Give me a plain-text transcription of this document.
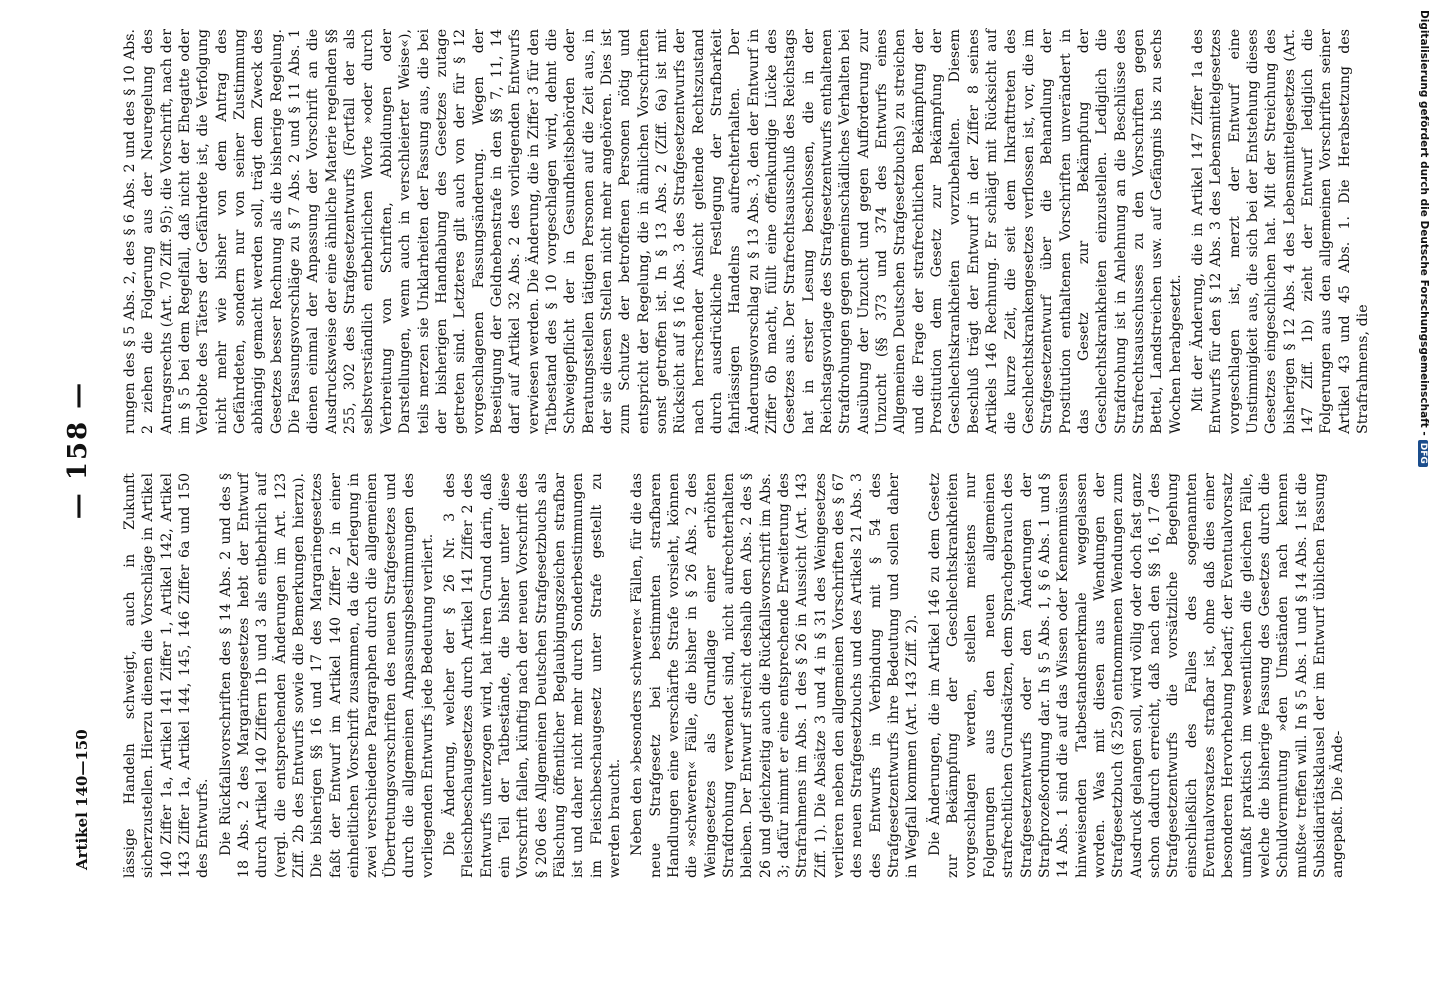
Artikel 140—150
— 158 —

lässige Handeln schweigt, auch in Zukunft sicherzustellen. Hierzu dienen die Vorschläge in Artikel 140 Ziffer 1a, Artikel 141 Ziffer 1, Artikel 142, Artikel 143 Ziffer 1a, Artikel 144, 145, 146 Ziffer 6a und 150 des Entwurfs. Die Rückfallsvorschriften des § 14 Abs. 2 und des § 18 Abs. 2 des Margarinegesetzes hebt der Entwurf durch Artikel 140 Ziffern 1b und 3 als entbehrlich auf (vergl. die entsprechenden Änderungen im Art. 123 Ziff. 2b des Entwurfs sowie die Bemerkungen hierzu). Die bisherigen §§ 16 und 17 des Margarinegesetzes faßt der Entwurf im Artikel 140 Ziffer 2 in einer einheitlichen Vorschrift zusammen, da die Zerlegung in zwei verschiedene Paragraphen durch die allgemeinen Übertretungsvorschriften des neuen Strafgesetzes und durch die allgemeinen Anpassungsbestimmungen des vorliegenden Entwurfs jede Bedeutung verliert. Die Änderung, welcher der § 26 Nr. 3 des Fleischbeschaugesetzes durch Artikel 141 Ziffer 2 des Entwurfs unterzogen wird, hat ihren Grund darin, daß ein Teil der Tatbestände, die bisher unter diese Vorschrift fallen, künftig nach der neuen Vorschrift des § 206 des Allgemeinen Deutschen Strafgesetzbuchs als Fälschung öffentlicher Beglaubigungszeichen strafbar ist und daher nicht mehr durch Sonderbestimmungen im Fleischbeschaugesetz unter Strafe gestellt zu werden braucht. Neben den »besonders schweren« Fällen, für die das neue Strafgesetz bei bestimmten strafbaren Handlungen eine verschärfte Strafe vorsieht, können die »schweren« Fälle, die bisher in § 26 Abs. 2 des Weingesetzes als Grundlage einer erhöhten Strafdrohung verwendet sind, nicht aufrechterhalten bleiben. Der Entwurf streicht deshalb den Abs. 2 des § 26 und gleichzeitig auch die Rückfallsvorschrift im Abs. 3; dafür nimmt er eine entsprechende Erweiterung des Strafrahmens im Abs. 1 des § 26 in Aussicht (Art. 143 Ziff. 1). Die Absätze 3 und 4 in § 31 des Weingesetzes verlieren neben den allgemeinen Vorschriften des § 67 des neuen Strafgesetzbuchs und des Artikels 21 Abs. 3 des Entwurfs in Verbindung mit § 54 des Strafgesetzentwurfs ihre Bedeutung und sollen daher in Wegfall kommen (Art. 143 Ziff. 2). Die Änderungen, die im Artikel 146 zu dem Gesetz zur Bekämpfung der Geschlechtskrankheiten vorgeschlagen werden, stellen meistens nur Folgerungen aus den neuen allgemeinen strafrechtlichen Grundsätzen, dem Sprachgebrauch des Strafgesetzentwurfs oder den Änderungen der Strafprozeßordnung dar. In § 5 Abs. 1, § 6 Abs. 1 und § 14 Abs. 1 sind die auf das Wissen oder Kennenmüssen hinweisenden Tatbestandsmerkmale weggelassen worden. Was mit diesen aus Wendungen der Strafgesetzbuch (§ 259) entnommenen Wendungen zum Ausdruck gelangen soll, wird völlig oder doch fast ganz schon dadurch erreicht, daß nach den §§ 16, 17 des Strafgesetzentwurfs die vorsätzliche Begehung einschließlich des Falles des sogenannten Eventualvorsatzes strafbar ist, ohne daß dies einer besonderen Hervorhebung bedarf; der Eventualvorsatz umfaßt praktisch im wesentlichen die gleichen Fälle, welche die bisherige Fassung des Gesetzes durch die Schuldvermutung »den Umständen nach kennen mußte« treffen will. In § 5 Abs. 1 und § 14 Abs. 1 ist die Subsidiaritätsklausel der im Entwurf üblichen Fassung angepaßt. Die Ände-

rungen des § 5 Abs. 2, des § 6 Abs. 2 und des § 10 Abs. 2 ziehen die Folgerung aus der Neuregelung des Antragsrechts (Art. 70 Ziff. 95); die Vorschrift, nach der im § 5 bei dem Regelfall, daß nicht der Ehegatte oder Verlobte des Täters der Gefährdete ist, die Verfolgung nicht mehr wie bisher von dem Antrag des Gefährdeten, sondern nur von seiner Zustimmung abhängig gemacht werden soll, trägt dem Zweck des Gesetzes besser Rechnung als die bisherige Regelung. Die Fassungsvorschläge zu § 7 Abs. 2 und § 11 Abs. 1 dienen einmal der Anpassung der Vorschrift an die Ausdrucksweise der eine ähnliche Materie regelnden §§ 255, 302 des Strafgesetzentwurfs (Fortfall der als selbstverständlich entbehrlichen Worte »oder durch Verbreitung von Schriften, Abbildungen oder Darstellungen, wenn auch in verschleierter Weise«), teils merzen sie Unklarheiten der Fassung aus, die bei der bisherigen Handhabung des Gesetzes zutage getreten sind. Letzteres gilt auch von der für § 12 vorgeschlagenen Fassungsänderung. Wegen der Beseitigung der Geldnebenstrafe in den §§ 7, 11, 14 darf auf Artikel 32 Abs. 2 des vorliegenden Entwurfs verwiesen werden. Die Änderung, die in Ziffer 3 für den Tatbestand des § 10 vorgeschlagen wird, dehnt die Schweigepflicht der in Gesundheitsbehörden oder Beratungsstellen tätigen Personen auf die Zeit aus, in der sie diesen Stellen nicht mehr angehören. Dies ist zum Schutze der betroffenen Personen nötig und entspricht der Regelung, die in ähnlichen Vorschriften sonst getroffen ist. In § 13 Abs. 2 (Ziff. 6a) ist mit Rücksicht auf § 16 Abs. 3 des Strafgesetzentwurfs der nach herrschender Ansicht geltende Rechtszustand durch ausdrückliche Festlegung der Strafbarkeit fahrlässigen Handelns aufrechterhalten. Der Änderungsvorschlag zu § 13 Abs. 3, den der Entwurf in Ziffer 6b macht, füllt eine offenkundige Lücke des Gesetzes aus. Der Strafrechtsausschuß des Reichstags hat in erster Lesung beschlossen, die in der Reichstagsvorlage des Strafgesetzentwurfs enthaltenen Strafdrohungen gegen gemeinschädliches Verhalten bei Ausübung der Unzucht und gegen Aufforderung zur Unzucht (§§ 373 und 374 des Entwurfs eines Allgemeinen Deutschen Strafgesetzbuchs) zu streichen und die Frage der strafrechtlichen Bekämpfung der Prostitution dem Gesetz zur Bekämpfung der Geschlechtskrankheiten vorzubehalten. Diesem Beschluß trägt der Entwurf in der Ziffer 8 seines Artikels 146 Rechnung. Er schlägt mit Rücksicht auf die kurze Zeit, die seit dem Inkrafttreten des Geschlechtskrankengesetzes verflossen ist, vor, die im Strafgesetzentwurf über die Behandlung der Prostitution enthaltenen Vorschriften unverändert in das Gesetz zur Bekämpfung der Geschlechtskrankheiten einzustellen. Lediglich die Strafdrohung ist in Anlehnung an die Beschlüsse des Strafrechtsausschusses zu den Vorschriften gegen Bettel, Landstreichen usw. auf Gefängnis bis zu sechs Wochen herabgesetzt. Mit der Änderung, die in Artikel 147 Ziffer 1a des Entwurfs für den § 12 Abs. 3 des Lebensmittelgesetzes vorgeschlagen ist, merzt der Entwurf eine Unstimmigkeit aus, die sich bei der Entstehung dieses Gesetzes eingeschlichen hat. Mit der Streichung des bisherigen § 12 Abs. 4 des Lebensmittelgesetzes (Art. 147 Ziff. 1b) zieht der Entwurf lediglich die Folgerungen aus den allgemeinen Vorschriften seiner Artikel 43 und 45 Abs. 1. Die Herabsetzung des Strafrahmens, die	Digitalisierung gefördert durch die Deutsche Forschungsgemeinschaft -DFG
